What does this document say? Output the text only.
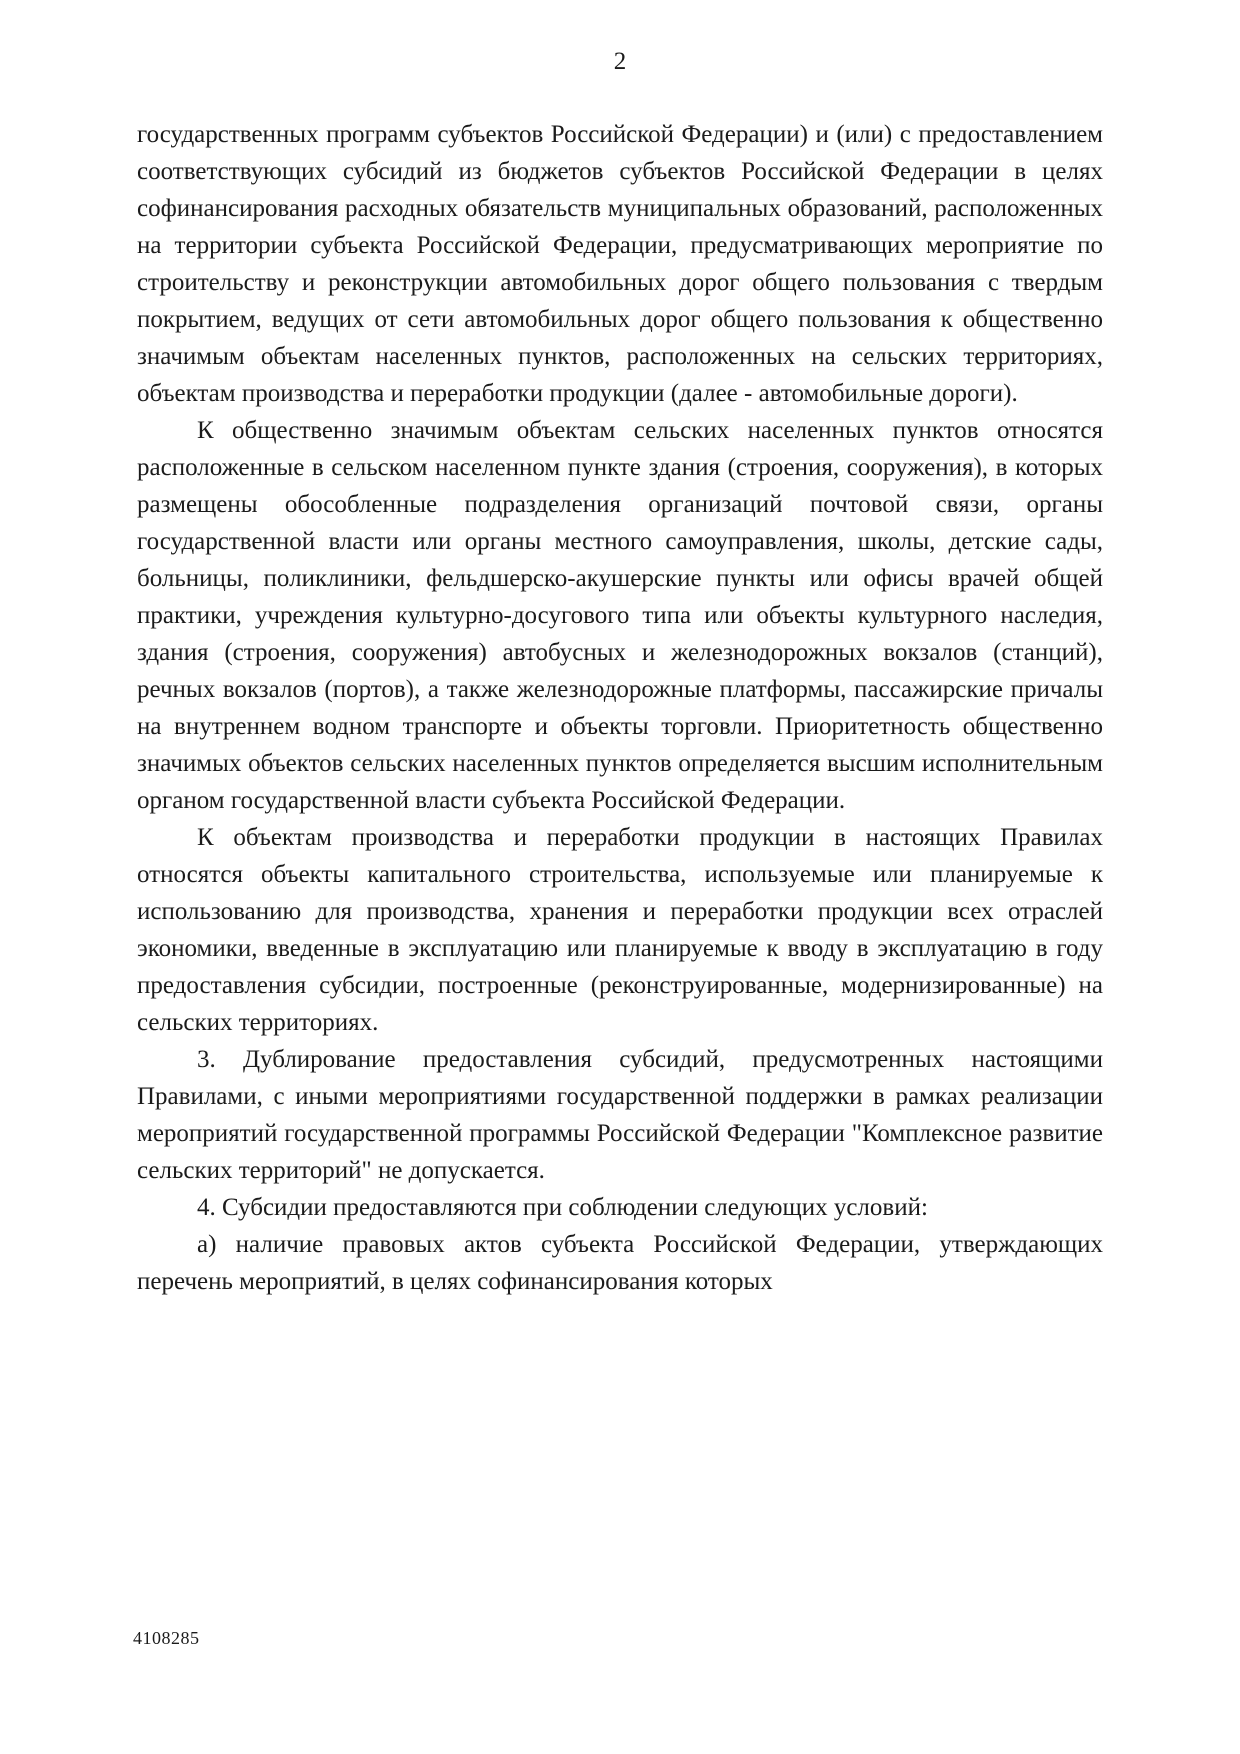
2

государственных программ субъектов Российской Федерации) и (или) с предоставлением соответствующих субсидий из бюджетов субъектов Российской Федерации в целях софинансирования расходных обязательств муниципальных образований, расположенных на территории субъекта Российской Федерации, предусматривающих мероприятие по строительству и реконструкции автомобильных дорог общего пользования с твердым покрытием, ведущих от сети автомобильных дорог общего пользования к общественно значимым объектам населенных пунктов, расположенных на сельских территориях, объектам производства и переработки продукции (далее - автомобильные дороги).

К общественно значимым объектам сельских населенных пунктов относятся расположенные в сельском населенном пункте здания (строения, сооружения), в которых размещены обособленные подразделения организаций почтовой связи, органы государственной власти или органы местного самоуправления, школы, детские сады, больницы, поликлиники, фельдшерско-акушерские пункты или офисы врачей общей практики, учреждения культурно-досугового типа или объекты культурного наследия, здания (строения, сооружения) автобусных и железнодорожных вокзалов (станций), речных вокзалов (портов), а также железнодорожные платформы, пассажирские причалы на внутреннем водном транспорте и объекты торговли. Приоритетность общественно значимых объектов сельских населенных пунктов определяется высшим исполнительным органом государственной власти субъекта Российской Федерации.

К объектам производства и переработки продукции в настоящих Правилах относятся объекты капитального строительства, используемые или планируемые к использованию для производства, хранения и переработки продукции всех отраслей экономики, введенные в эксплуатацию или планируемые к вводу в эксплуатацию в году предоставления субсидии, построенные (реконструированные, модернизированные) на сельских территориях.

3. Дублирование предоставления субсидий, предусмотренных настоящими Правилами, с иными мероприятиями государственной поддержки в рамках реализации мероприятий государственной программы Российской Федерации "Комплексное развитие сельских территорий" не допускается.

4. Субсидии предоставляются при соблюдении следующих условий:

а) наличие правовых актов субъекта Российской Федерации, утверждающих перечень мероприятий, в целях софинансирования которых

4108285
